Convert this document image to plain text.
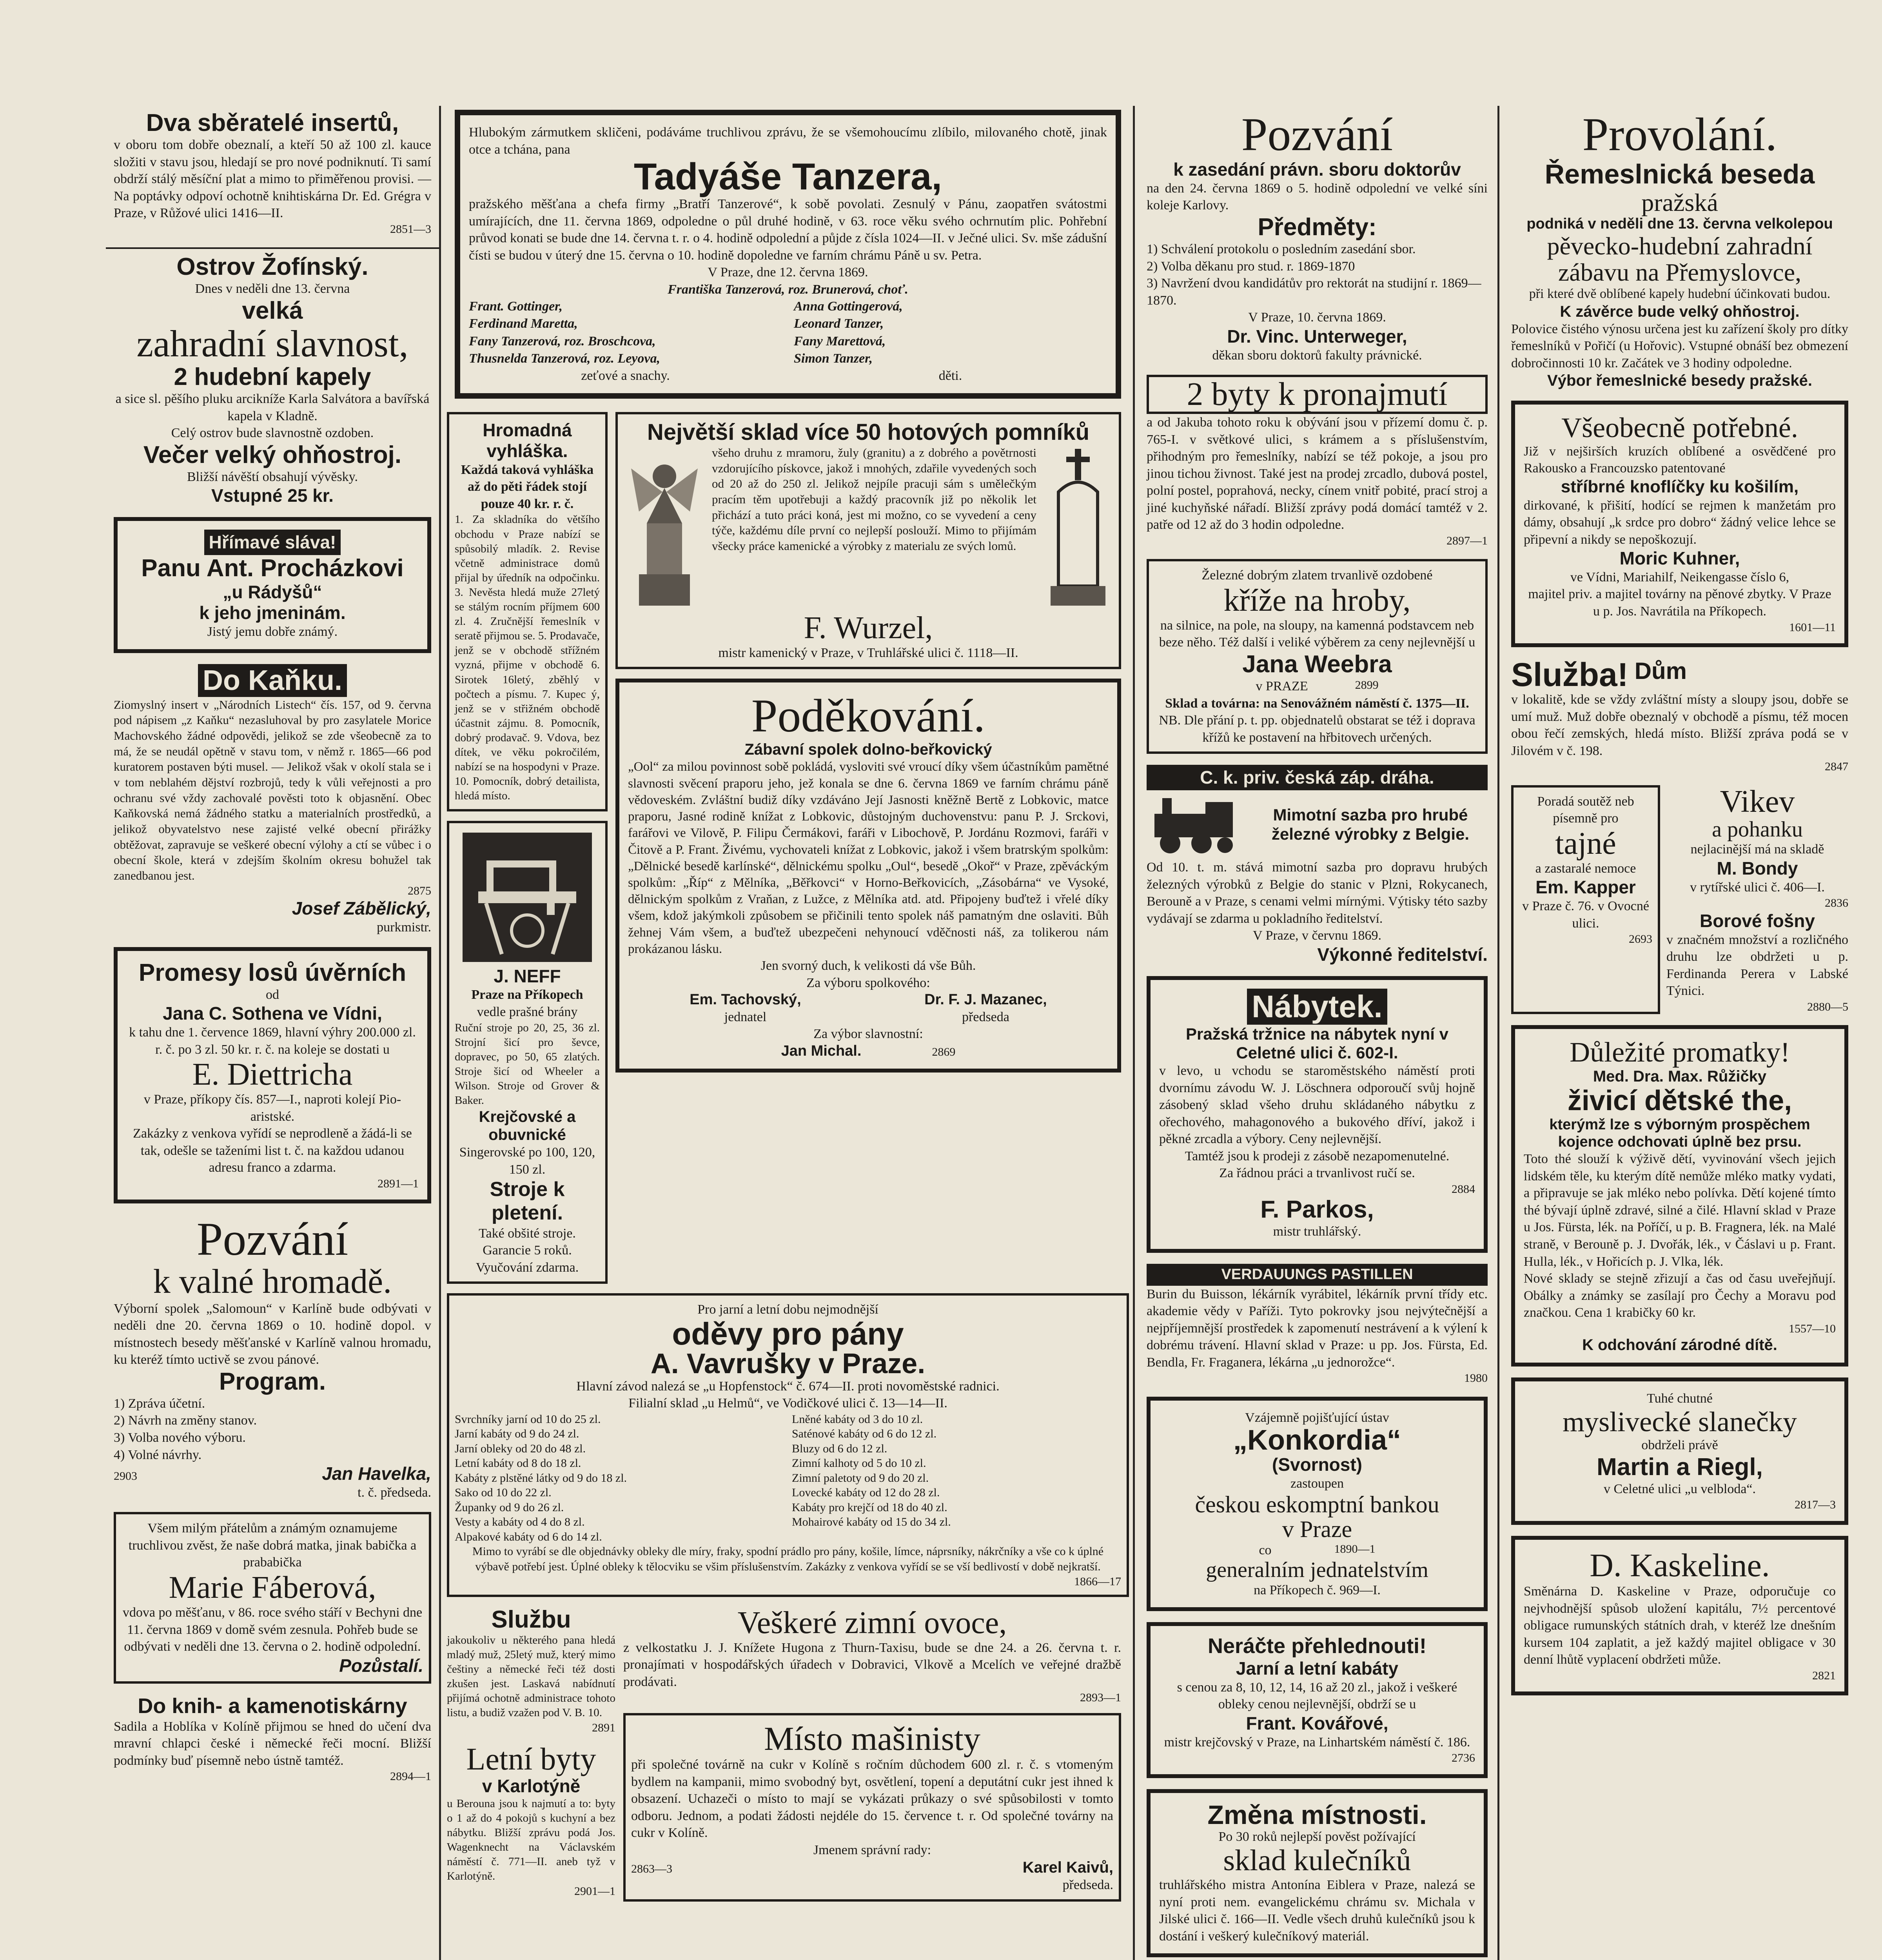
Dva sběratelé insertů,
v oboru tom dobře obeznalí, a kteří 50 až 100 zl. kauce složiti v stavu jsou, hledají se pro nové podniknutí. Ti samí obdrží stálý měsíční plat a mimo to přiměřenou provisi. — Na poptávky odpoví ochotně knihtiskárna Dr. Ed. Grégra v Praze, v Růžové ulici 1416—II.
2851—3
Ostrov Žofínský.
Dnes v neděli dne 13. června
velká
zahradní slavnost,
2 hudební kapely
a sice sl. pěšího pluku arcikníže Karla Salvátora a bavířská kapela v Kladně.
Celý ostrov bude slavnostně ozdoben.
Večer velký ohňostroj.
Bližší návěští obsahují vývěsky.
Vstupné 25 kr.
Hřímavé sláva!
Panu Ant. Procházkovi
„u Rádyšů“
k jeho jmeninám.
Jistý jemu dobře známý.
Do Kaňku.
Ziomyslný insert v „Národních Listech“ čís. 157, od 9. června pod nápisem „z Kaňku“ nezasluhoval by pro zasylatele Morice Machovského žádné odpovědi, jelikož se zde všeobecně za to má, že se neudál opětně v stavu tom, v němž r. 1865—66 pod kuratorem postaven býti musel. — Jelikož však v okolí stala se i v tom neblahém dějství rozbrojů, tedy k vůli veřejnosti a pro ochranu své vždy zachovalé pověsti toto k objasnění. Obec Kaňkovská nemá žádného statku a materialních prostředků, a jelikož obyvatelstvo nese zajisté velké obecní přirážky obtěžovat, zapravuje se veškeré obecní výlohy a ctí se vůbec i o obecní škole, která v zdejším školním okresu bohužel tak zanedbanou jest.
2875
Josef Zábělický,
purkmistr.
Promesy losů úvěrních
od
Jana C. Sothena ve Vídni,
k tahu dne 1. července 1869, hlavní výhry 200.000 zl. r. č. po 3 zl. 50 kr. r. č. na koleje se dostati u
E. Diettricha
v Praze, příkopy čís. 857—I., naproti kolejí Pio-aristské.
Zakázky z venkova vyřídí se neprodleně a žádá-li se tak, odešle se taženími list t. č. na každou udanou adresu franco a zdarma.
2891—1
Pozvání
k valné hromadě.
Výborní spolek „Salomoun“ v Karlíně bude odbývati v neděli dne 20. června 1869 o 10. hodině dopol. v místnostech besedy měšťanské v Karlíně valnou hromadu, ku kteréž tímto uctivě se zvou pánové.
Program.
1) Zpráva účetní.
2) Návrh na změny stanov.
3) Volba nového výboru.
4) Volné návrhy.
2903	Jan Havelka,
t. č. předseda.
Všem milým přátelům a známým oznamujeme truchlivou zvěst, že naše dobrá matka, jinak babička a prababička
Marie Fáberová,
vdova po měšťanu, v 86. roce svého stáří v Bechyni dne 11. června 1869 v domě svém zesnula. Pohřeb bude se odbývati v neděli dne 13. června o 2. hodině odpolední.
Pozůstalí.
Do knih- a kamenotiskárny
Sadila a Hoblíka v Kolíně přijmou se hned do učení dva mravní chlapci české i německé řeči mocní. Bližší podmínky buď písemně nebo ústně tamtéž.
2894—1
Hlubokým zármutkem skličeni, podáváme truchlivou zprávu, že se všemohoucímu zlíbilo, milovaného chotě, jinak otce a tchána, pana
Tadyáše Tanzera,
pražského měšťana a chefa firmy „Bratří Tanzerové“, k sobě povolati. Zesnulý v Pánu, zaopatřen svátostmi umírajících, dne 11. června 1869, odpoledne o půl druhé hodině, v 63. roce věku svého ochrnutím plic. Pohřební průvod konati se bude dne 14. června t. r. o 4. hodině odpolední a půjde z čísla 1024—II. v Ječné ulici. Sv. mše zádušní čísti se budou v úterý dne 15. června o 10. hodině dopoledne ve farním chrámu Páně u sv. Petra.
V Praze, dne 12. června 1869.
Františka Tanzerová, roz. Brunerová, choť.
Frant. Gottinger,	Anna Gottingerová,
Ferdinand Maretta,	Leonard Tanzer,
Fany Tanzerová, roz. Broschcova,	Fany Marettová,
Thusnelda Tanzerová, roz. Leyova,	Simon Tanzer,
zeťové a snachy.	děti.
Hromadná vyhláška.
Každá taková vyhláška až do pěti řádek stojí pouze 40 kr. r. č.
1. Za skladníka do většího obchodu v Praze nabízí se spůsobilý mladík. 2. Revise včetně administrace domů přijal by úředník na odpočinku. 3. Nevěsta hledá muže 27letý se stálým rocním příjmem 600 zl. 4. Zručnější řemeslník v seratě přijmou se. 5. Prodavače, jenž se v obchodě střížném vyzná, přijme v obchodě 6. Sirotek 16letý, zběhlý v počtech a písmu. 7. Kupec ý, jenž se v střižném obchodě účastnit zájmu. 8. Pomocník, dobrý prodavač. 9. Vdova, bez dítek, ve věku pokročilém, nabízí se na hospodyni v Praze. 10. Pomocník, dobrý detailista, hledá místo.
J. NEFF
Praze na Příkopech
vedle prašné brány
Ruční stroje po 20, 25, 36 zl. Strojní šicí pro ševce, dopravec, po 50, 65 zlatých. Stroje šicí od Wheeler a Wilson. Stroje od Grover & Baker.
Krejčovské a obuvnické
Singerovské po 100, 120, 150 zl.
Stroje k pletení.
Také obšité stroje. Garancie 5 roků. Vyučování zdarma.
Největší sklad více 50 hotových pomníků
všeho druhu z mramoru, žuly (granitu) a z dobrého a povětrnosti vzdorujícího pískovce, jakož i mnohých, zdařile vyvedených soch od 20 až do 250 zl. Jelikož nejpíle pracuji sám s umělečkým pracím těm upotřebuji a každý pracovník již po několik let přichází a tuto práci koná, jest mi možno, co se vyvedení a ceny týče, každému díle první co nejlepší poslouží. Mimo to přijímám všecky práce kamenické a výrobky z materialu ze svých lomů.
F. Wurzel,
mistr kamenický v Praze, v Truhlářské ulici č. 1118—II.
Poděkování.
Zábavní spolek dolno-beřkovický
„Ool“ za milou povinnost sobě pokládá, vysloviti své vroucí díky všem účastníkům pamětné slavnosti svěcení praporu jeho, jež konala se dne 6. června 1869 ve farním chrámu páně vědoveském. Zvláštní budiž díky vzdáváno Její Jasnosti kněžně Bertě z Lobkovic, matce praporu, Jasné rodině knížat z Lobkovic, důstojným duchovenstvu: panu P. J. Srckovi, farářovi ve Vilově, P. Filipu Čermákovi, faráři v Libochově, P. Jordánu Rozmovi, faráři v Čitově a P. Frant. Živému, vychovateli knížat z Lobkovic, jakož i všem bratrským spolkům: „Dělnické besedě karlínské“, dělnickému spolku „Oul“, besedě „Okoř“ v Praze, zpěváckým spolkům: „Říp“ z Mělníka, „Běřkovci“ v Horno-Beřkovicích, „Zásobárna“ ve Vysoké, dělnickým spolkům z Vraňan, z Lužce, z Mělníka atd. atd. Připojeny buďtež i vřelé díky všem, kdož jakýmkoli způsobem se přičinili tento spolek náš pamatným dne oslaviti. Bůh žehnej Vám všem, a buďtež ubezpečeni nehynoucí vděčnosti náš, za tolikerou nám prokázanou lásku.
Jen svorný duch, k velikosti dá vše Bůh.
Za výboru spolkového:
Em. Tachovský,
jednatel
Dr. F. J. Mazanec,
předseda
Za výbor slavnostní:
Jan Michal.	2869
Pro jarní a letní dobu nejmodnější
oděvy pro pány
A. Vavrušky v Praze.
Hlavní závod nalezá se „u Hopfenstock“ č. 674—II. proti novoměstské radnici.
Filialní sklad „u Helmů“, ve Vodičkové ulici č. 13—14—II.
Svrchníky jarní od 10 do 25 zl.	Lněné kabáty od 3 do 10 zl.
Jarní kabáty od 9 do 24 zl.	Saténové kabáty od 6 do 12 zl.
Jarní obleky od 20 do 48 zl.	Bluzy od 6 do 12 zl.
Letní kabáty od 8 do 18 zl.	Zimní kalhoty od 5 do 10 zl.
Kabáty z plstěné látky od 9 do 18 zl.	Zimní paletoty od 9 do 20 zl.
Sako od 10 do 22 zl.	Lovecké kabáty od 12 do 28 zl.
Županky od 9 do 26 zl.	Kabáty pro krejčí od 18 do 40 zl.
Vesty a kabáty od 4 do 8 zl.	Mohairové kabáty od 15 do 34 zl.
Alpakové kabáty od 6 do 14 zl.
Mimo to vyrábí se dle objednávky obleky dle míry, fraky, spodní prádlo pro pány, košile, límce, náprsníky, nákrčníky a vše co k úplné výbavě potřebí jest. Úplné obleky k tělocviku se všim příslušenstvím. Zakázky z venkova vyřídí se se vší bedlivostí v době nejkratší.
1866—17
Službu
jakoukoliv u některého pana hledá mladý muž, 25letý muž, který mimo češtiny a německé řeči též dosti zkušen jest. Laskavá nabídnutí přijímá ochotně administrace tohoto listu, a budiž vzažen pod V. B. 10.
2891
Letní byty
v Karlotýně
u Berouna jsou k najmutí a to: byty o 1 až do 4 pokojů s kuchyní a bez nábytku. Bližší zprávu podá Jos. Wagenknecht na Václavském náměstí č. 771—II. aneb tyž v Karlotýně.
2901—1
Veškeré zimní ovoce,
z velkostatku J. J. Knížete Hugona z Thurn-Taxisu, bude se dne 24. a 26. června t. r. pronajímati v hospodářských úřadech v Dobravici, Vlkově a Mcelích ve veřejné dražbě prodávati.
2893—1
Místo mašinisty
při společné továrně na cukr v Kolíně s ročním důchodem 600 zl. r. č. s vtomeným bydlem na kampanii, mimo svobodný byt, osvětlení, topení a deputátní cukr jest ihned k obsazení. Uchazeči o místo to mají se vykázati průkazy o své spůsobilosti v tomto odboru. Jednom, a podati žádosti nejdéle do 15. července t. r. Od společné továrny na cukr v Kolíně.
Jmenem správní rady:
2863—3	Karel Kaivů,
předseda.
Pozvání
k zasedání právn. sboru doktorův
na den 24. června 1869 o 5. hodině odpolední ve velké síni koleje Karlovy.
Předměty:
1) Schválení protokolu o posledním zasedání sbor.
2) Volba děkanu pro stud. r. 1869-1870
3) Navržení dvou kandidátův pro rektorát na studijní r. 1869—1870.
V Praze, 10. června 1869.
Dr. Vinc. Unterweger,
děkan sboru doktorů fakulty právnické.
2 byty k pronajmutí
a od Jakuba tohoto roku k obývání jsou v přízemí domu č. p. 765-I. v světkové ulici, s krámem a s příslušenstvím, přihodným pro řemeslníky, nabízí se též pokoje, a jsou pro jinou tichou živnost. Také jest na prodej zrcadlo, dubová postel, polní postel, poprahová, necky, cínem vnitř pobité, prací stroj a jiné kuchyňské nářadí. Bližší zprávy podá domácí tamtéž v 2. patře od 12 až do 3 hodin odpoledne.
2897—1
Železné dobrým zlatem trvanlivě ozdobené
kříže na hroby,
na silnice, na pole, na sloupy, na kamenná podstavcem neb beze něho. Též další i veliké výběrem za ceny nejlevnější u
Jana Weebra
v PRAZE	2899
Sklad a továrna: na Senovážném náměstí č. 1375—II.
NB. Dle přání p. t. pp. objednatelů obstarat se též i doprava křížů ke postavení na hřbitovech určených.
C. k. priv. česká záp. dráha.
Mimotní sazba pro hrubé železné výrobky z Belgie.
Od 10. t. m. stává mimotní sazba pro dopravu hrubých železných výrobků z Belgie do stanic v Plzni, Rokycanech, Berouně a v Praze, s cenami velmi mírnými. Výtisky této sazby vydávají se zdarma u pokladního ředitelství.
V Praze, v červnu 1869.
Výkonné ředitelství.
Nábytek.
Pražská tržnice na nábytek nyní v Celetné ulici č. 602-I.
v levo, u vchodu se staroměstského náměstí proti dvornímu závodu W. J. Löschnera odporoučí svůj hojně zásobený sklad všeho druhu skládaného nábytku z ořechového, mahagonového a bukového dříví, jakož i pěkné zrcadla a výbory. Ceny nejlevnější.
Tamtéž jsou k prodeji z zásobě nezapomenutelné.
Za řádnou práci a trvanlivost ručí se.
2884
F. Parkos,
mistr truhlářský.
VERDAUUNGS PASTILLEN
Burin du Buisson, lékárník vyrábitel, lékárník první třídy etc. akademie vědy v Paříži. Tyto pokrovky jsou nejvýtečnější a nejpříjemnější prostředek k zapomenutí nestrávení a k výlení k dobrému trávení. Hlavní sklad v Praze: u pp. Jos. Fürsta, Ed. Bendla, Fr. Fraganera, lékárna „u jednorožce“.
1980
Vzájemně pojišťující ústav
„Konkordia“
(Svornost)
zastoupen
českou eskomptní bankou
v Praze
co	1890—1
generalním jednatelstvím
na Příkopech č. 969—I.
Neráčte přehlednouti!
Jarní a letní kabáty
s cenou za 8, 10, 12, 14, 16 až 20 zl., jakož i veškeré obleky cenou nejlevnější, obdrží se u
Frant. Kovářové,
mistr krejčovský v Praze, na Linhartském náměstí č. 186.
2736
Změna místnosti.
Po 30 roků nejlepší pověst požívající
sklad kulečníků
truhlářského mistra Antonína Eiblera v Praze, nalezá se nyní proti nem. evangelickému chrámu sv. Michala v Jilské ulici č. 166—II. Vedle všech druhů kulečníků jsou k dostání i veškerý kulečníkový materiál.
Provolání.
Řemeslnická beseda
pražská
podniká v neděli dne 13. června velkolepou
pěvecko-hudební zahradní
zábavu na Přemyslovce,
při které dvě oblíbené kapely hudební účinkovati budou.
K závěrce bude velký ohňostroj.
Polovice čistého výnosu určena jest ku zařízení školy pro dítky řemeslníků v Pořičí (u Hořovic). Vstupné obnáší bez obmezení dobročinnosti 10 kr. Začátek ve 3 hodiny odpoledne.
Výbor řemeslnické besedy pražské.
Všeobecně potřebné.
Již v nejširších kruzích oblíbené a osvědčené pro Rakousko a Francouzsko patentované
stříbrné knoflíčky ku košilím,
dirkované, k přišití, hodící se rejmen k manžetám pro dámy, obsahují „k srdce pro dobro“ žádný velice lehce se připevní a nikdy se nepoškozují.
Moric Kuhner,
ve Vídni, Mariahilf, Neikengasse číslo 6,
majitel priv. a majitel továrny na pěnové zbytky. V Praze u p. Jos. Navrátila na Příkopech.
1601—11
Služba! Dům
v lokalitě, kde se vždy zvláštní místy a sloupy jsou, dobře se umí muž. Muž dobře obeznalý v obchodě a písmu, též mocen obou řečí zemských, hledá místo. Bližší zpráva podá se v Jilovém v č. 198.
2847
Poradá soutěž neb písemně pro
tajné
a zastaralé nemoce
Em. Kapper
v Praze č. 76. v Ovocné ulici.
2693
Vikev
a pohanku
nejlacinější má na skladě
M. Bondy
v rytířské ulici č. 406—I.
2836
Borové fošny
v značném množství a rozličného druhu lze obdržeti u p. Ferdinanda Perera v Labské Týnici.
2880—5
Důležité promatky!
Med. Dra. Max. Růžičky
živicí dětské the,
kterýmž lze s výborným prospěchem kojence odchovati úplně bez prsu.
Toto thé slouží k výživě dětí, vyvinování všech jejich lidském těle, ku kterým dítě nemůže mléko matky vydati, a připravuje se jak mléko nebo polívka. Dětí kojené tímto thé bývají úplně zdravé, silné a čilé. Hlavní sklad v Praze u Jos. Fürsta, lék. na Poříčí, u p. B. Fragnera, lék. na Malé straně, v Berouně p. J. Dvořák, lék., v Čáslavi u p. Frant. Hulla, lék., v Hořicích p. J. Vlka, lék.
Nové sklady se stejně zřizují a čas od času uveřejňují. Obálky a známky se zasílají pro Čechy a Moravu pod značkou. Cena 1 krabičky 60 kr.
1557—10
K odchování zárodné dítě.
Tuhé chutné
myslivecké slanečky
obdrželi právě
Martin a Riegl,
v Celetné ulici „u velbloda“.
2817—3
D. Kaskeline.
Směnárna D. Kaskeline v Praze, odporučuje co nejvhodnější spůsob uložení kapitálu, 7½ percentové obligace rumunských státních drah, v kteréž lze dnešním kursem 104 zaplatit, a jež každý majitel obligace v 30 denní lhůtě vyplacení obdržeti může.
2821
